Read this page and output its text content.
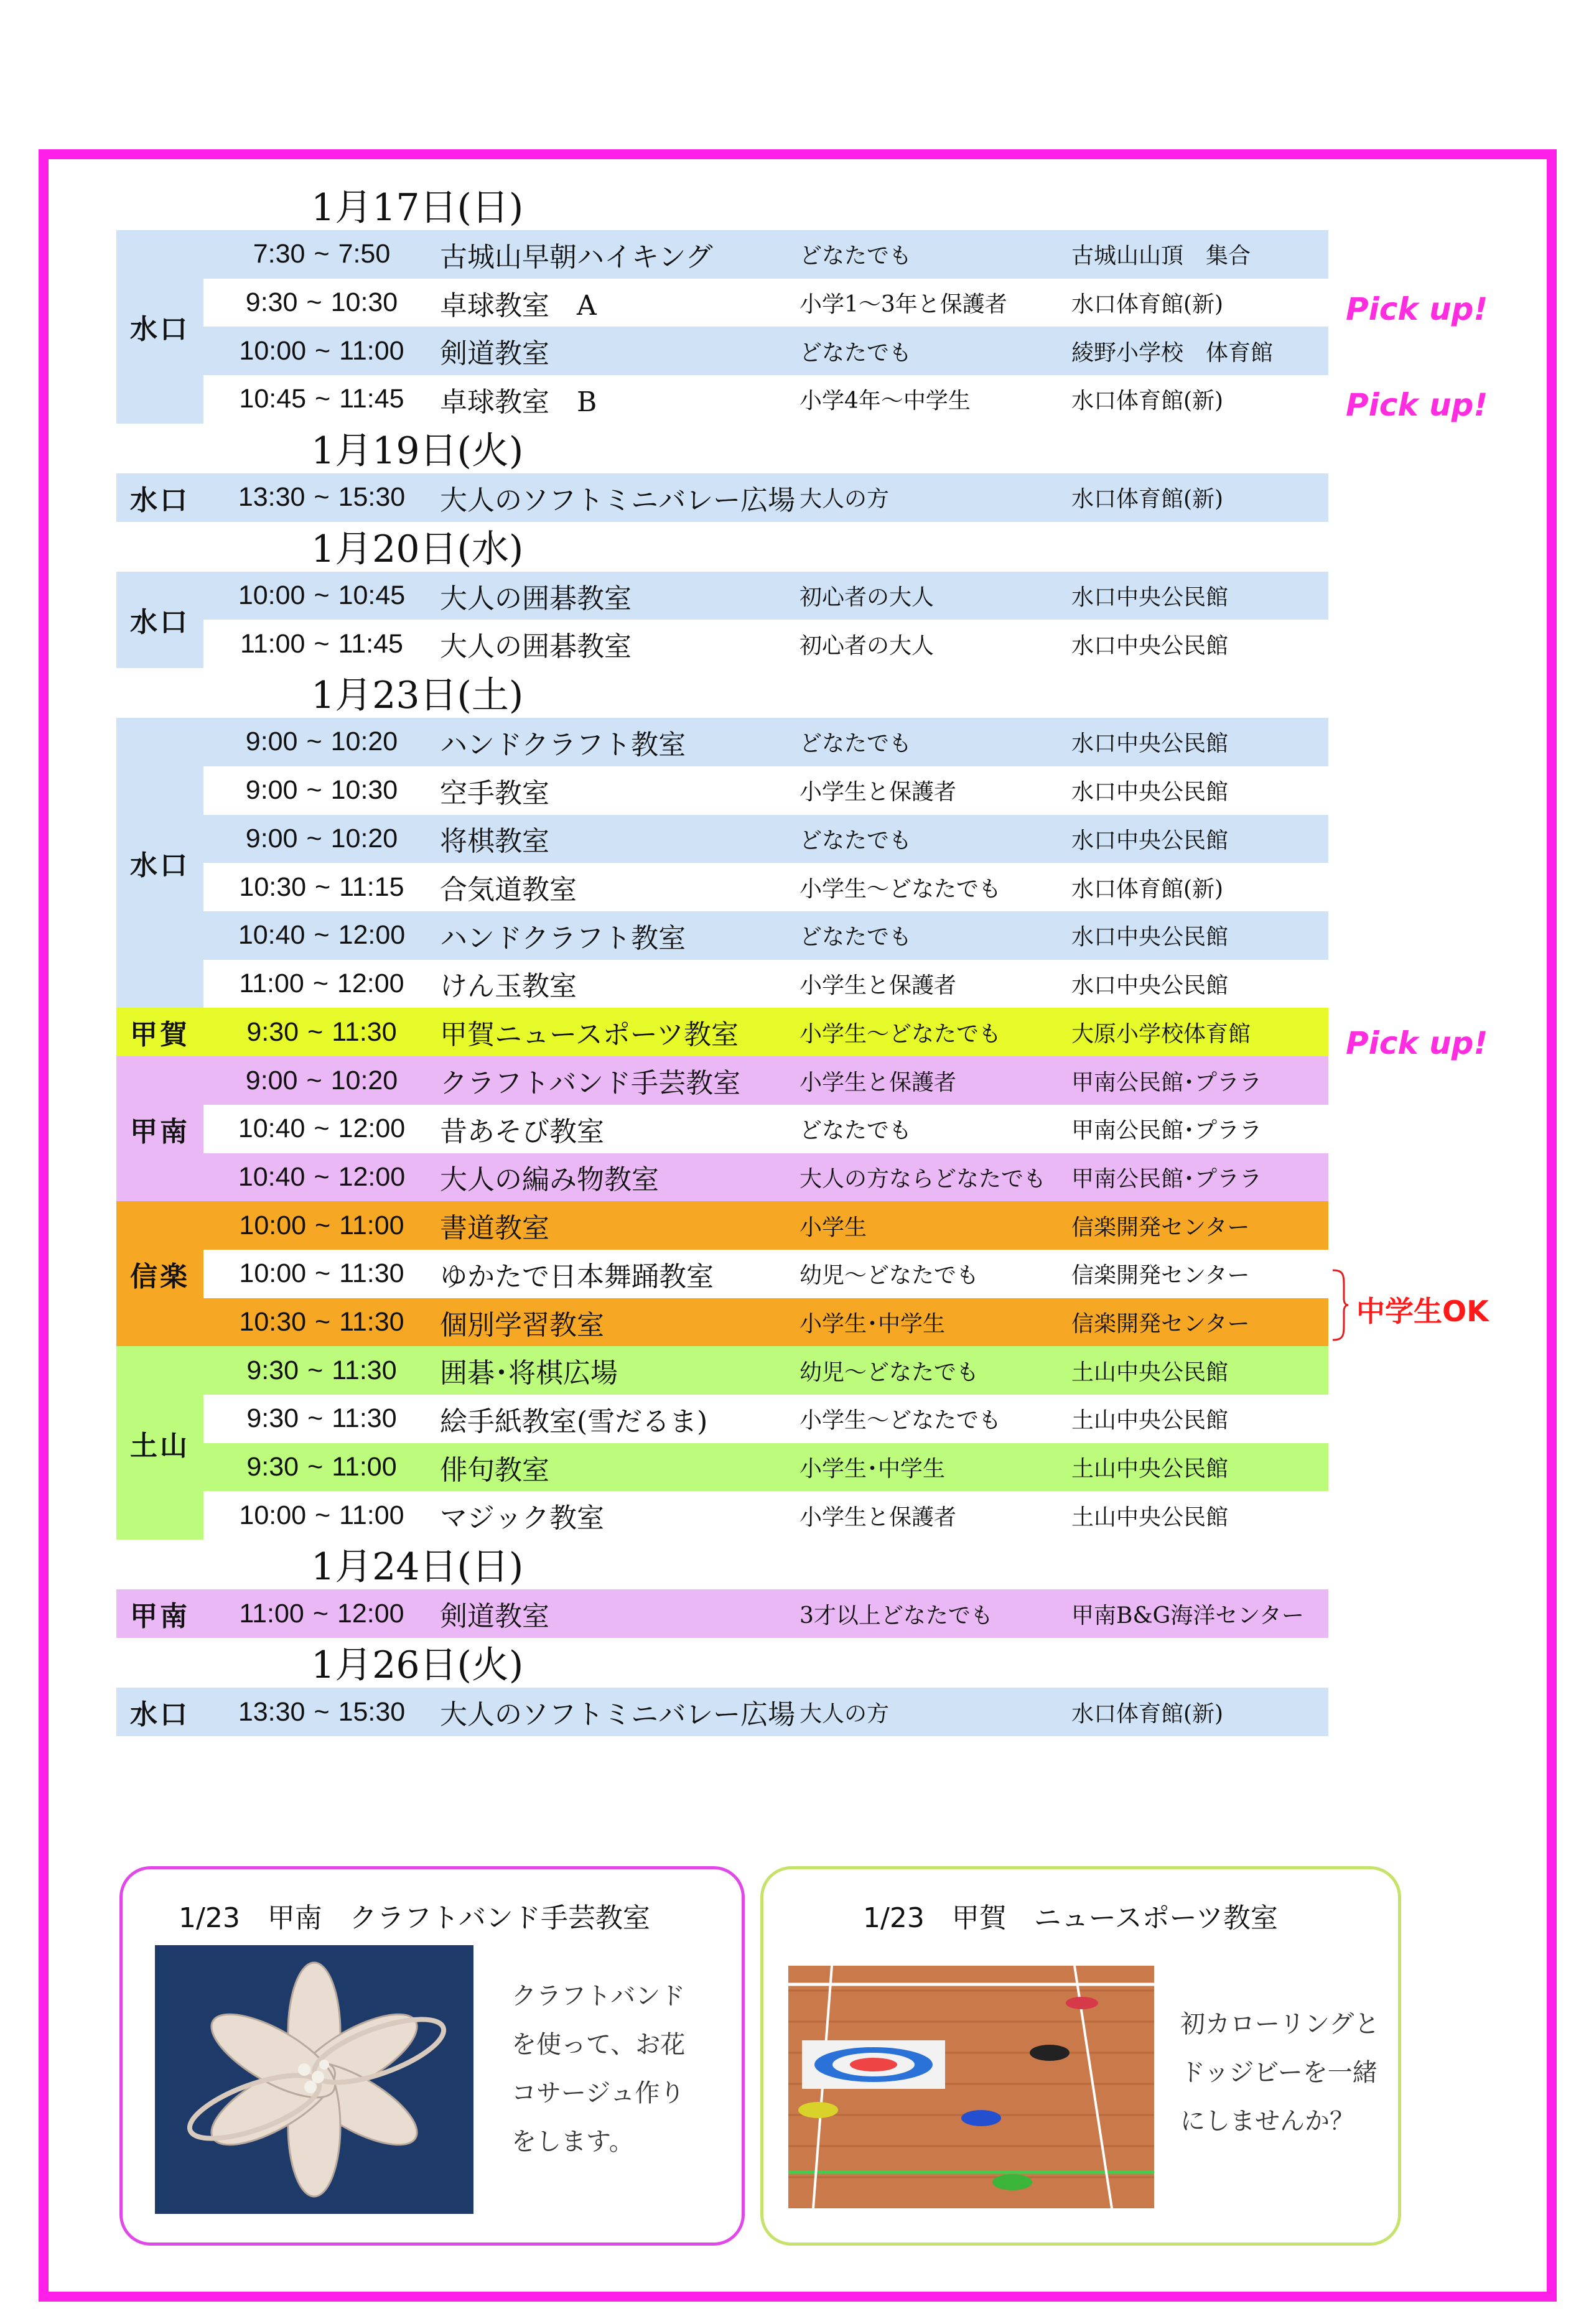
1月17日(日)
水口
7:30 ~ 7:50 古城山早朝ハイキング	どなたでも	古城山山頂　集合
9:30 ~ 10:30 卓球教室　A	小学1～3年と保護者	水口体育館(新)
10:00 ~ 11:00 剣道教室	どなたでも	綾野小学校　体育館
10:45 ~ 11:45 卓球教室　B	小学4年～中学生	水口体育館(新)
1月19日(火)
水口	13:30 ~ 15:30 大人のソフトミニバレー広場 大人の方	水口体育館(新)
1月20日(水)
水口
10:00 ~ 10:45 大人の囲碁教室	初心者の大人	水口中央公民館
11:00 ~ 11:45 大人の囲碁教室	初心者の大人	水口中央公民館
1月23日(土)
水口
9:00 ~ 10:20 ハンドクラフト教室	どなたでも	水口中央公民館
9:00 ~ 10:30 空手教室	小学生と保護者	水口中央公民館
9:00 ~ 10:20 将棋教室	どなたでも	水口中央公民館
10:30 ~ 11:15 合気道教室	小学生～どなたでも	水口体育館(新)
10:40 ~ 12:00 ハンドクラフト教室	どなたでも	水口中央公民館
11:00 ~ 12:00 けん玉教室	小学生と保護者	水口中央公民館
甲賀	9:30 ~ 11:30 甲賀ニュースポーツ教室	小学生～どなたでも	大原小学校体育館
甲南
9:00 ~ 10:20 クラフトバンド手芸教室	小学生と保護者	甲南公民館･プララ
10:40 ~ 12:00 昔あそび教室	どなたでも	甲南公民館･プララ
10:40 ~ 12:00 大人の編み物教室	大人の方ならどなたでも	甲南公民館･プララ
信楽
10:00 ~ 11:00 書道教室	小学生	信楽開発センター
10:00 ~ 11:30 ゆかたで日本舞踊教室	幼児～どなたでも	信楽開発センター
10:30 ~ 11:30 個別学習教室	小学生･中学生	信楽開発センター
土山
9:30 ~ 11:30 囲碁･将棋広場	幼児～どなたでも	土山中央公民館
9:30 ~ 11:30 絵手紙教室(雪だるま)	小学生～どなたでも	土山中央公民館
9:30 ~ 11:00 俳句教室	小学生･中学生	土山中央公民館
10:00 ~ 11:00 マジック教室	小学生と保護者	土山中央公民館
1月24日(日)
甲南	11:00 ~ 12:00 剣道教室	3才以上どなたでも	甲南B&G海洋センター
1月26日(火)
水口	13:30 ~ 15:30 大人のソフトミニバレー広場 大人の方	水口体育館(新)
Pick up!
Pick up!
Pick up!
中学生OK
1/23　甲南　クラフトバンド手芸教室
クラフトバンド
を使って、お花
コサージュ作り
をします。
1/23　甲賀　ニュースポーツ教室
初カローリングと
ドッジビーを一緒
にしませんか？
